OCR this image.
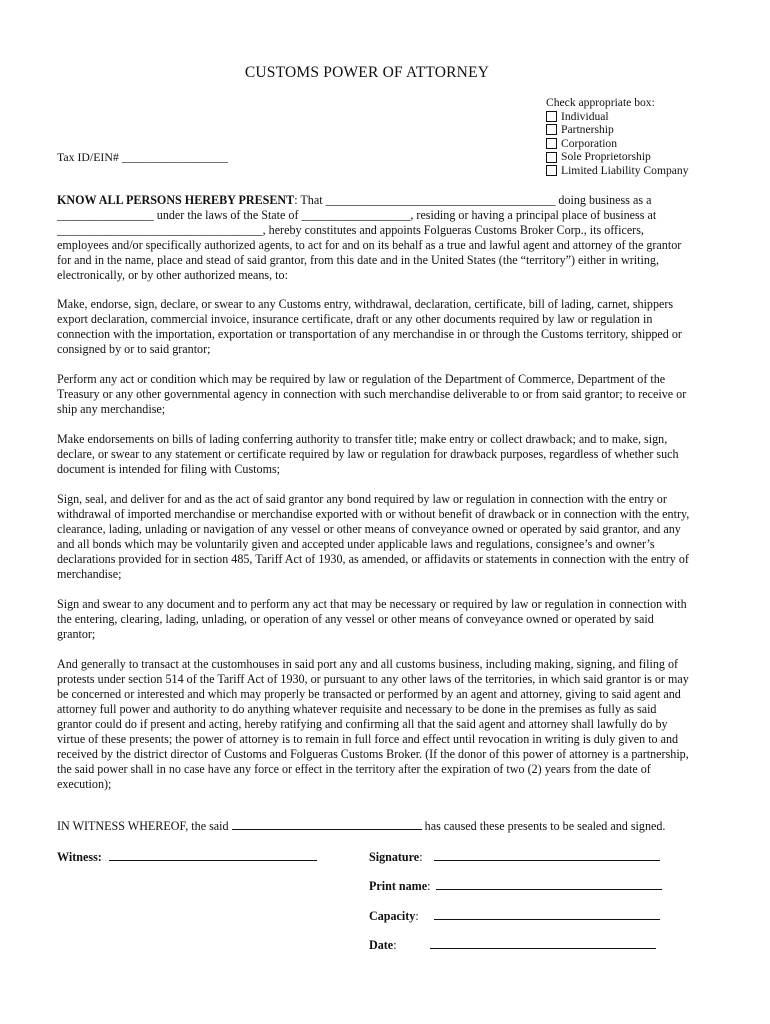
CUSTOMS POWER OF ATTORNEY
Check appropriate box:
Individual
Partnership
Corporation
Sole Proprietorship
Limited Liability Company
Tax ID/EIN# __________________

KNOW ALL PERSONS HEREBY PRESENT: That ______________________________________ doing business as a ________________ under the laws of the State of __________________, residing or having a principal place of business at __________________________________, hereby constitutes and appoints Folgueras Customs Broker Corp., its officers, employees and/or specifically authorized agents, to act for and on its behalf as a true and lawful agent and attorney of the grantor for and in the name, place and stead of said grantor, from this date and in the United States (the “territory”) either in writing, electronically, or by other authorized means, to:

Make, endorse, sign, declare, or swear to any Customs entry, withdrawal, declaration, certificate, bill of lading, carnet, shippers export declaration, commercial invoice, insurance certificate, draft or any other documents required by law or regulation in connection with the importation, exportation or transportation of any merchandise in or through the Customs territory, shipped or consigned by or to said grantor;

Perform any act or condition which may be required by law or regulation of the Department of Commerce, Department of the Treasury or any other governmental agency in connection with such merchandise deliverable to or from said grantor; to receive or ship any merchandise;

Make endorsements on bills of lading conferring authority to transfer title; make entry or collect drawback; and to make, sign, declare, or swear to any statement or certificate required by law or regulation for drawback purposes, regardless of whether such document is intended for filing with Customs;

Sign, seal, and deliver for and as the act of said grantor any bond required by law or regulation in connection with the entry or withdrawal of imported merchandise or merchandise exported with or without benefit of drawback or in connection with the entry, clearance, lading, unlading or navigation of any vessel or other means of conveyance owned or operated by said grantor, and any and all bonds which may be voluntarily given and accepted under applicable laws and regulations, consignee’s and owner’s declarations provided for in section 485, Tariff Act of 1930, as amended, or affidavits or statements in connection with the entry of merchandise;

Sign and swear to any document and to perform any act that may be necessary or required by law or regulation in connection with the entering, clearing, lading, unlading, or operation of any vessel or other means of conveyance owned or operated by said grantor;

And generally to transact at the customhouses in said port any and all customs business, including making, signing, and filing of protests under section 514 of the Tariff Act of 1930, or pursuant to any other laws of the territories, in which said grantor is or may be concerned or interested and which may properly be transacted or performed by an agent and attorney, giving to said agent and attorney full power and authority to do anything whatever requisite and necessary to be done in the premises as fully as said grantor could do if present and acting, hereby ratifying and confirming all that the said agent and attorney shall lawfully do by virtue of these presents; the power of attorney is to remain in full force and effect until revocation in writing is duly given to and received by the district director of Customs and Folgueras Customs Broker. (If the donor of this power of attorney is a partnership, the said power shall in no case have any force or effect in the territory after the expiration of two (2) years from the date of execution);

IN WITNESS WHEREOF, the said	has caused these presents to be sealed and signed.
Witness:	Signature:
Print name:
Capacity:
Date:
